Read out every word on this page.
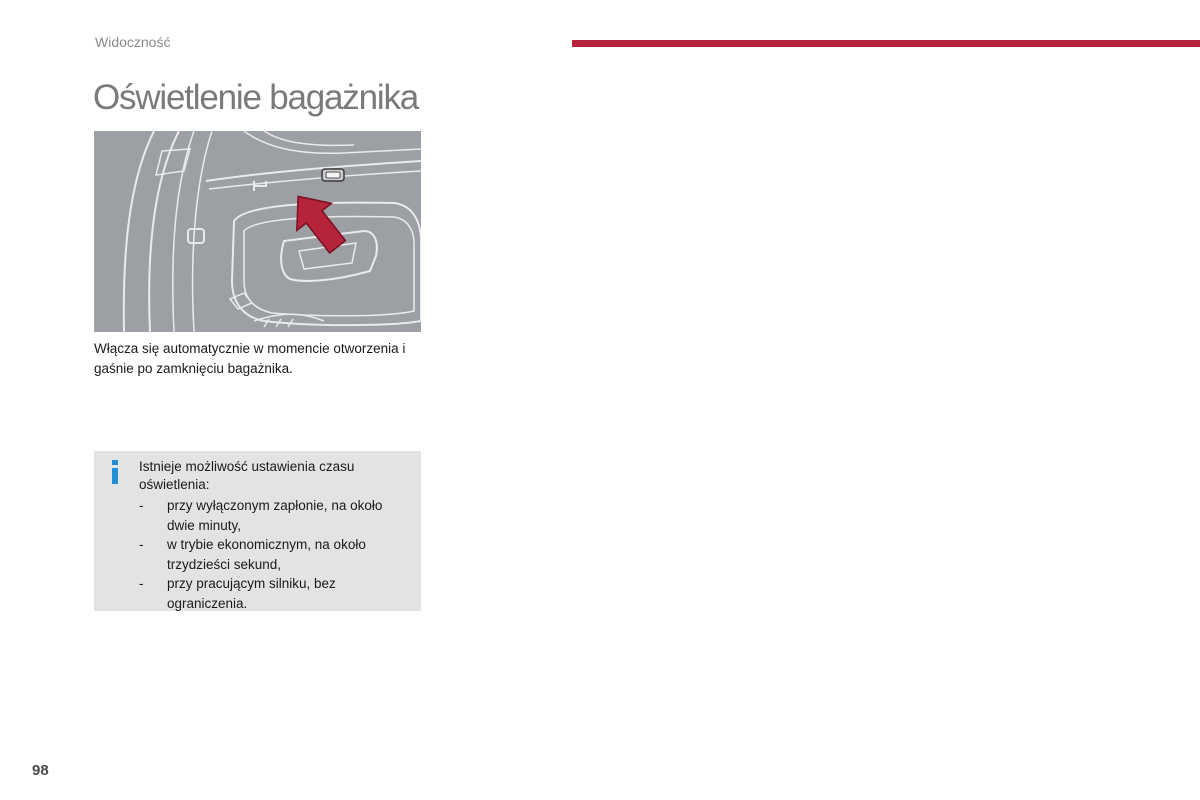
Widoczność
Oświetlenie bagażnika

Włącza się automatycznie w momencie otworzenia i gaśnie po zamknięciu bagażnika.

Istnieje możliwość ustawienia czasu oświetlenia:

- przy wyłączonym zapłonie, na około dwie minuty,
- w trybie ekonomicznym, na około trzydzieści sekund,
- przy pracującym silniku, bez ograniczenia.
98
